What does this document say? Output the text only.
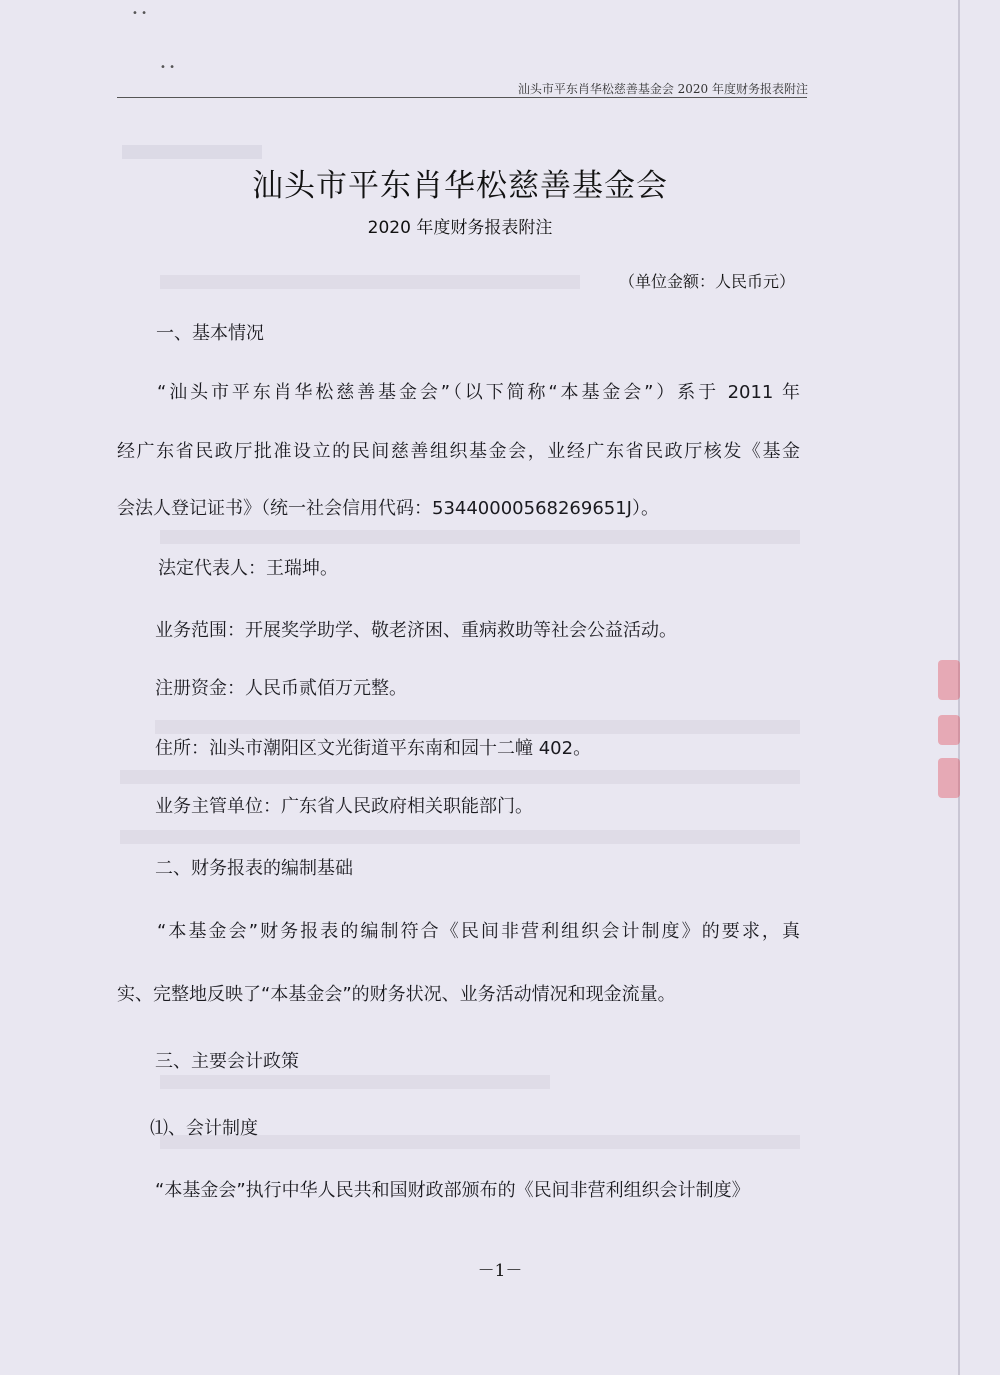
• •
• •
汕头市平东肖华松慈善基金会 2020 年度财务报表附注
汕头市平东肖华松慈善基金会
2020 年度财务报表附注
（单位金额：人民币元）
一、基本情况
“汕头市平东肖华松慈善基金会”（以下简称“本基金会”）系于 2011 年
经广东省民政厅批准设立的民间慈善组织基金会，业经广东省民政厅核发《基金
会法人登记证书》（统一社会信用代码：53440000568269651J）。
法定代表人：王瑞坤。
业务范围：开展奖学助学、敬老济困、重病救助等社会公益活动。
注册资金：人民币贰佰万元整。
住所：汕头市潮阳区文光街道平东南和园十二幢 402。
业务主管单位：广东省人民政府相关职能部门。
二、财务报表的编制基础
“本基金会”财务报表的编制符合《民间非营利组织会计制度》的要求，真
实、完整地反映了“本基金会”的财务状况、业务活动情况和现金流量。
三、主要会计政策
⑴、会计制度
“本基金会”执行中华人民共和国财政部颁布的《民间非营利组织会计制度》
－1－
